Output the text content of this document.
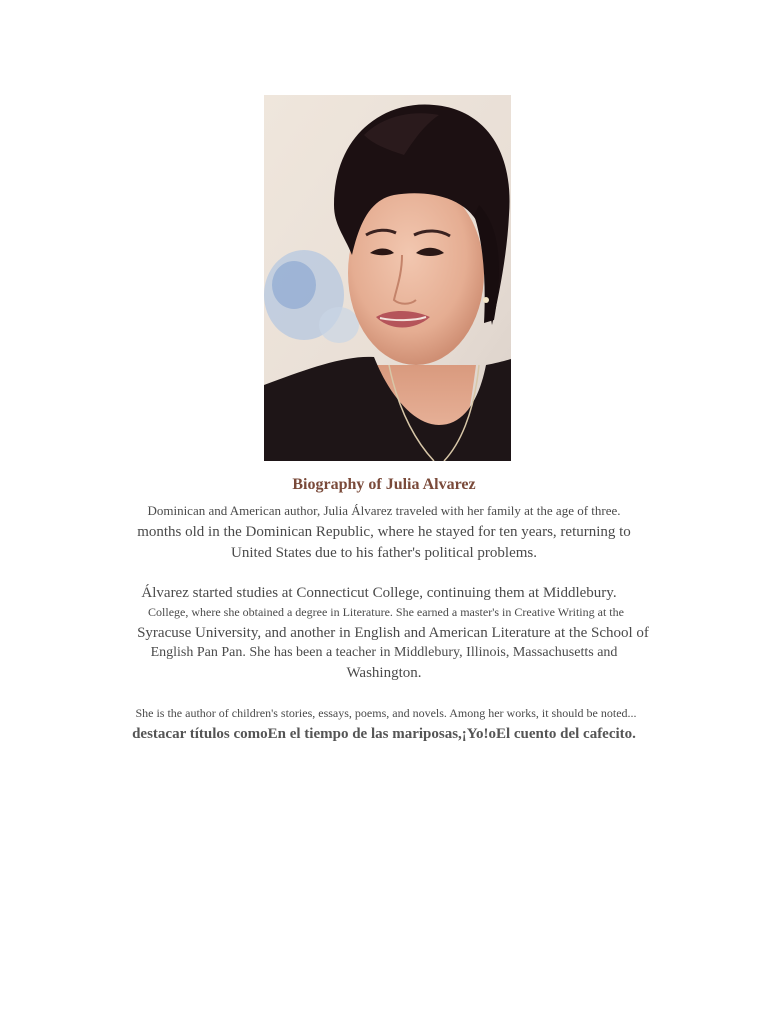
Biography of Julia Alvarez
Dominican and American author, Julia Álvarez traveled with her family at the age of three.
months old in the Dominican Republic, where he stayed for ten years, returning to
United States due to his father's political problems.
Álvarez started studies at Connecticut College, continuing them at Middlebury.
College, where she obtained a degree in Literature. She earned a master's in Creative Writing at the
Syracuse University, and another in English and American Literature at the School of
English Pan Pan. She has been a teacher in Middlebury, Illinois, Massachusetts and
Washington.
She is the author of children's stories, essays, poems, and novels. Among her works, it should be noted...
destacar títulos comoEn el tiempo de las mariposas,¡Yo!oEl cuento del cafecito.
